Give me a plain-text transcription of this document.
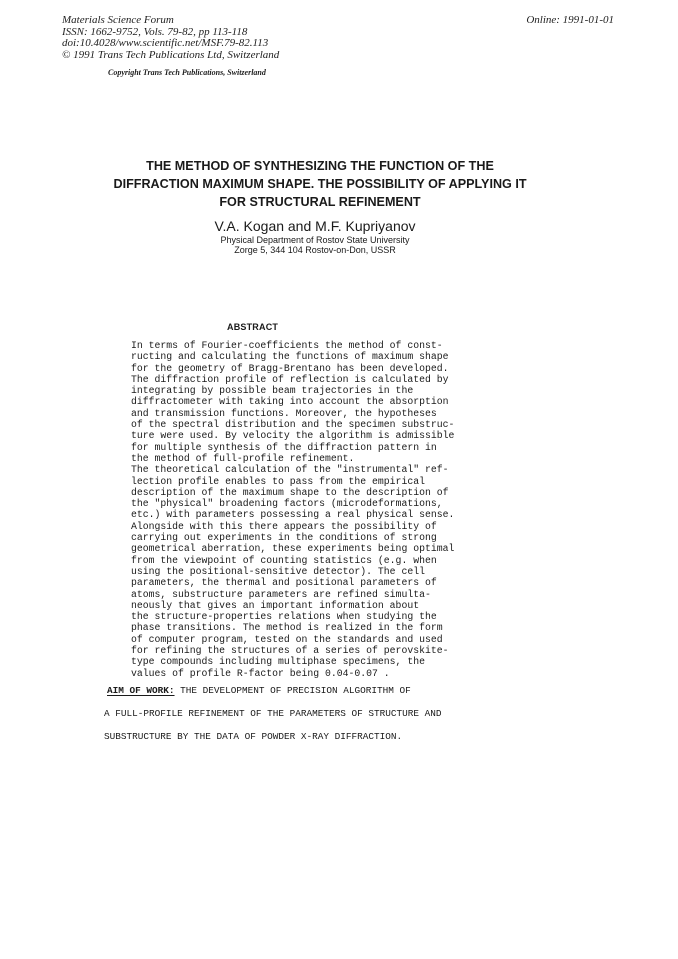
Materials Science Forum
ISSN: 1662-9752, Vols. 79-82, pp 113-118
doi:10.4028/www.scientific.net/MSF.79-82.113
© 1991 Trans Tech Publications Ltd, Switzerland
Online: 1991-01-01
Copyright Trans Tech Publications, Switzerland
THE METHOD OF SYNTHESIZING THE FUNCTION OF THE
DIFFRACTION MAXIMUM SHAPE. THE POSSIBILITY OF APPLYING IT
FOR STRUCTURAL REFINEMENT
V.A. Kogan and M.F. Kupriyanov
Physical Department of Rostov State University
Zorge 5, 344 104 Rostov-on-Don, USSR
ABSTRACT
In terms of Fourier-coefficients the method of const-
ructing and calculating the functions of maximum shape
for the geometry of Bragg-Brentano has been developed.
The diffraction profile of reflection is calculated by
integrating by possible beam trajectories in the
diffractometer with taking into account the absorption
and transmission functions. Moreover, the hypotheses
of the spectral distribution and the specimen substruc-
ture were used. By velocity the algorithm is admissible
for multiple synthesis of the diffraction pattern in
the method of full-profile refinement.
The theoretical calculation of the "instrumental" ref-
lection profile enables to pass from the empirical
description of the maximum shape to the description of
the "physical" broadening factors (microdeformations,
etc.) with parameters possessing a real physical sense.
Alongside with this there appears the possibility of
carrying out experiments in the conditions of strong
geometrical aberration, these experiments being optimal
from the viewpoint of counting statistics (e.g. when
using the positional-sensitive detector). The cell
parameters, the thermal and positional parameters of
atoms, substructure parameters are refined simulta-
neously that gives an important information about
the structure-properties relations when studying the
phase transitions. The method is realized in the form
of computer program, tested on the standards and used
for refining the structures of a series of perovskite-
type compounds including multiphase specimens, the
values of profile R-factor being 0.04-0.07 .
AIM OF WORK: THE DEVELOPMENT OF PRECISION ALGORITHM OF
A FULL-PROFILE REFINEMENT OF THE PARAMETERS OF STRUCTURE AND
SUBSTRUCTURE BY THE DATA OF POWDER X-RAY DIFFRACTION.
